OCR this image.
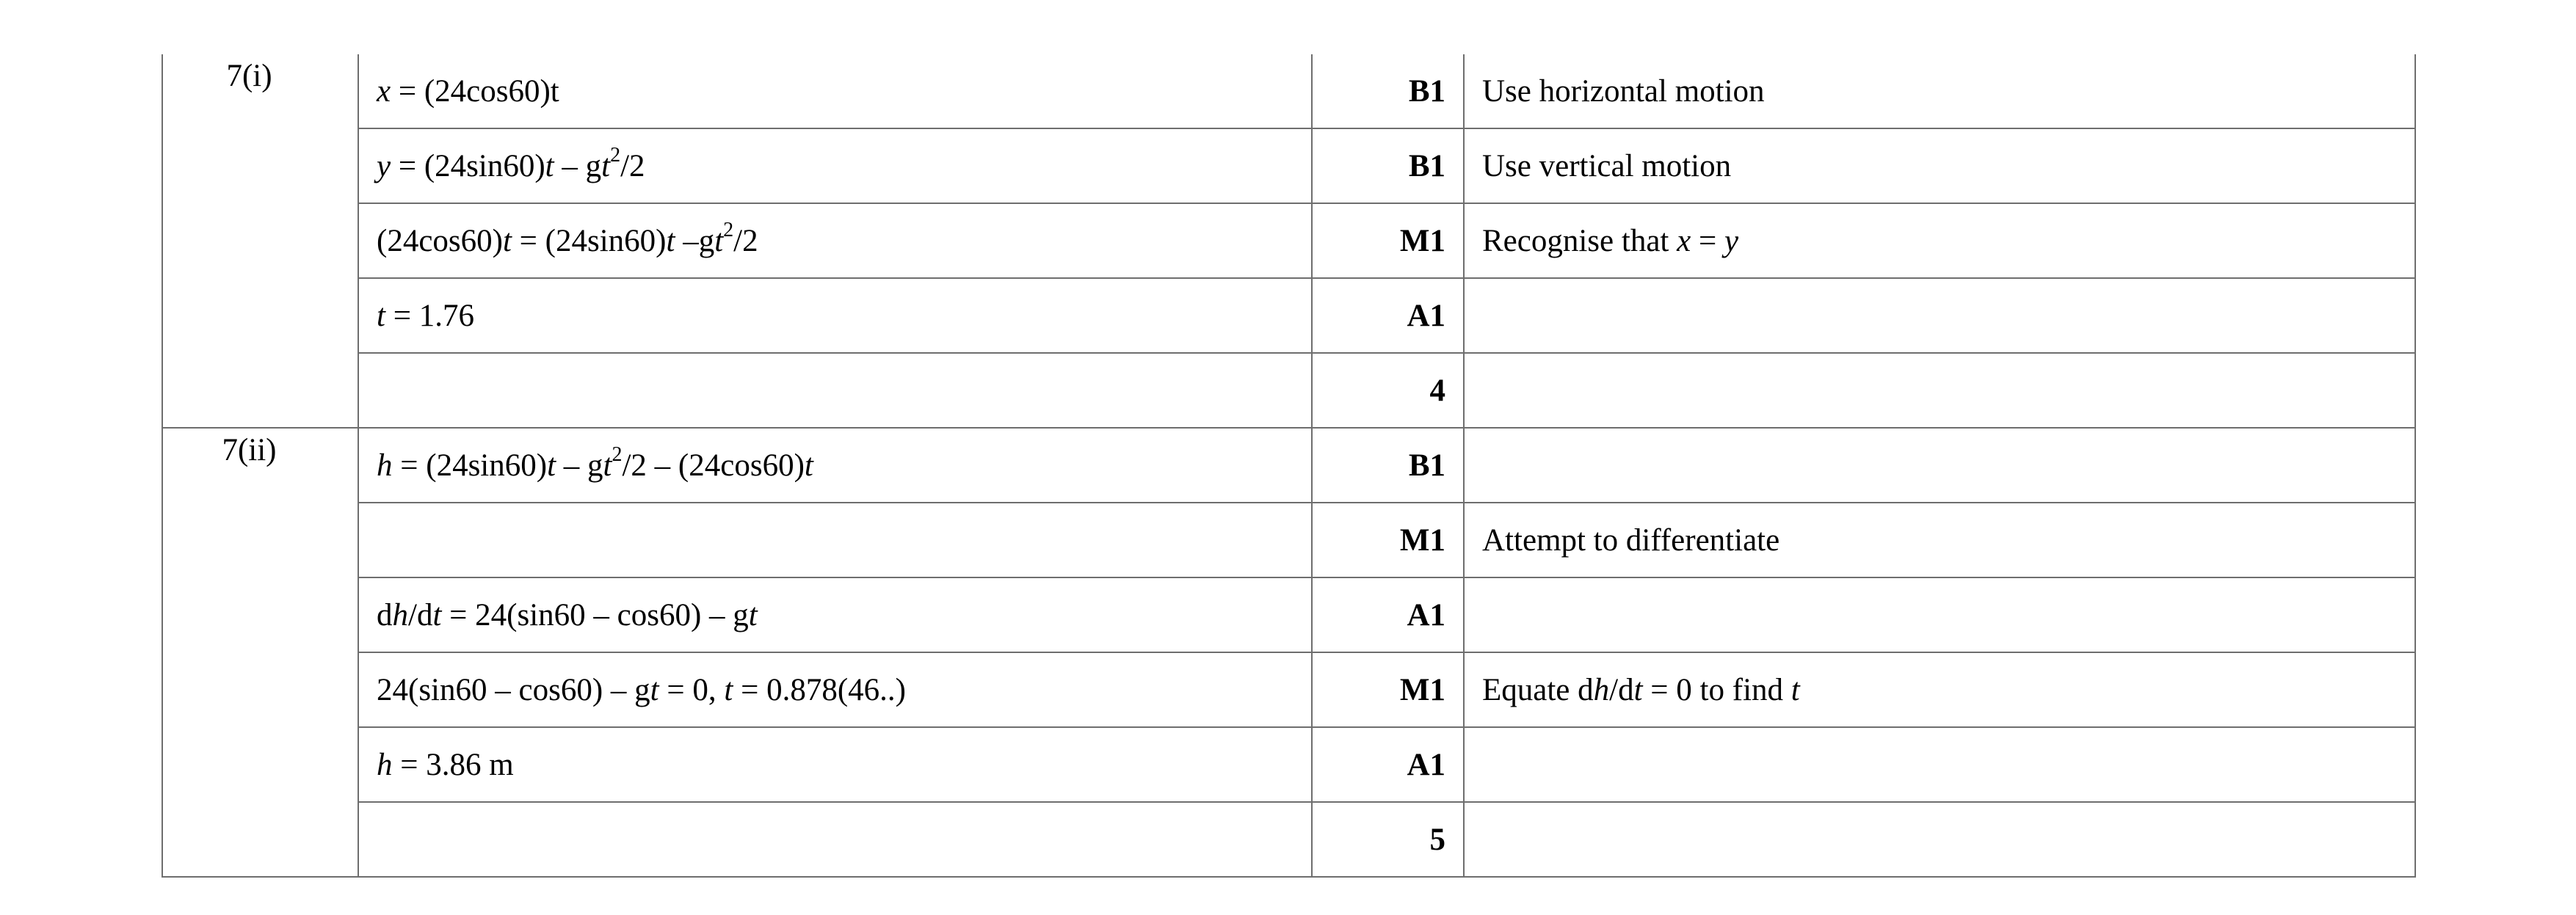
7(i)	x = (24cos60)t	B1	Use horizontal motion
	$y = (24\sin 60)t - gt^2/2$	B1	Use vertical motion
	(24cos60)t = (24sin60)t $-gt^2/2$	M1	Recognise that x = y
	t = 1.76	A1	
		4	
7(ii)	$h = (24\sin 60)t - gt^2/2 - (24\cos 60)t$	B1	
		M1	Attempt to differentiate
	dh/dt = 24(sin60 – cos60) – gt	A1	
	24(sin60 – cos60) – gt = 0, t = 0.878(46..)	M1	Equate dh/dt = 0 to find t
	h = 3.86 m	A1	
		5	
